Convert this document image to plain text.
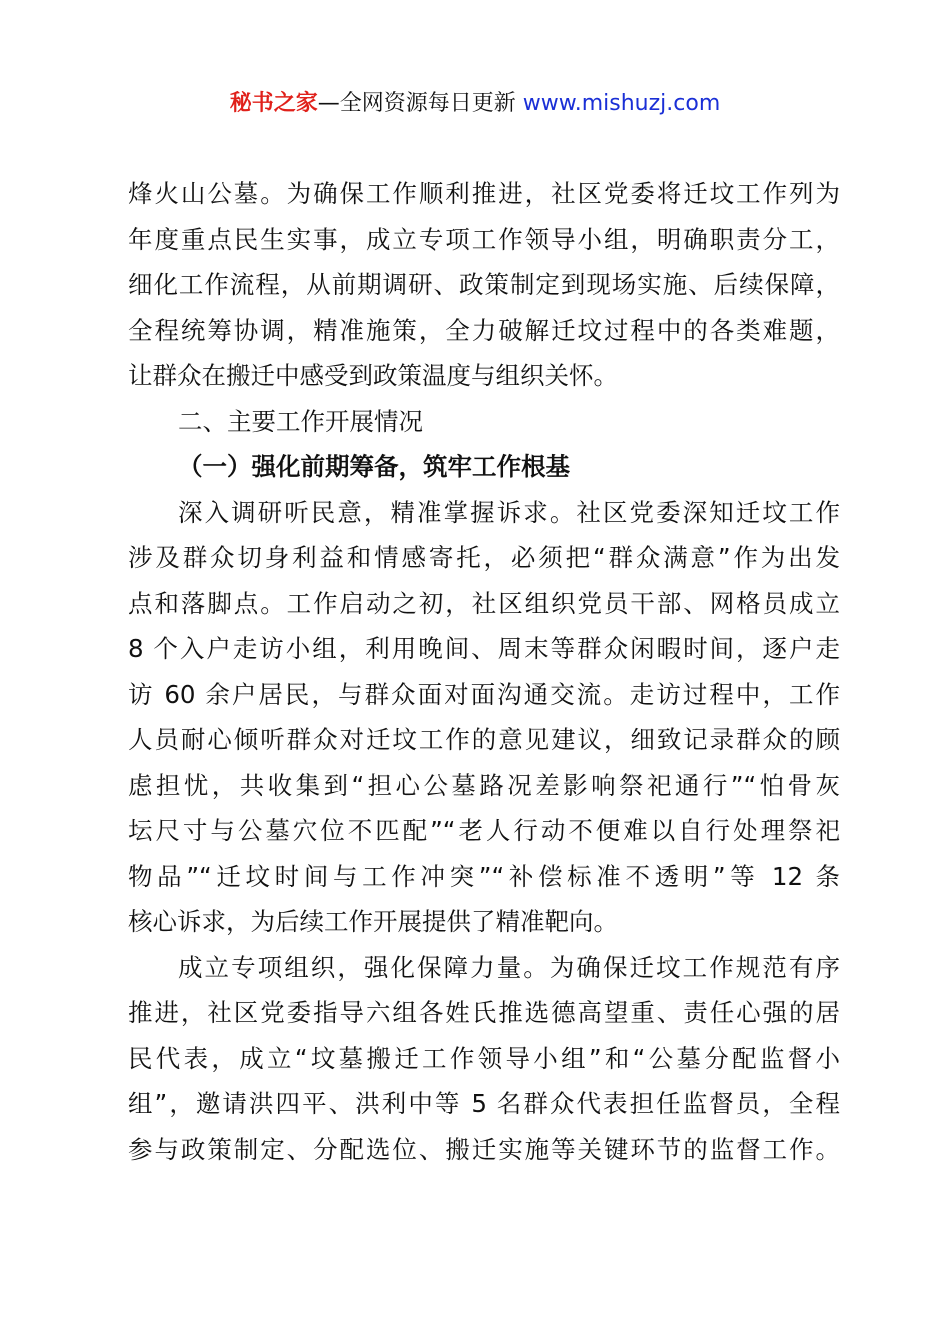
秘书之家—全网资源每日更新 www.mishuzj.com
烽火山公墓。为确保工作顺利推进，社区党委将迁坟工作列为
年度重点民生实事，成立专项工作领导小组，明确职责分工，
细化工作流程，从前期调研、政策制定到现场实施、后续保障，
全程统筹协调，精准施策，全力破解迁坟过程中的各类难题，
让群众在搬迁中感受到政策温度与组织关怀。
二、主要工作开展情况
（一）强化前期筹备，筑牢工作根基
深入调研听民意，精准掌握诉求。社区党委深知迁坟工作
涉及群众切身利益和情感寄托，必须把“群众满意”作为出发
点和落脚点。工作启动之初，社区组织党员干部、网格员成立
8 个入户走访小组，利用晚间、周末等群众闲暇时间，逐户走
访 60 余户居民，与群众面对面沟通交流。走访过程中，工作
人员耐心倾听群众对迁坟工作的意见建议，细致记录群众的顾
虑担忧，共收集到“担心公墓路况差影响祭祀通行”“怕骨灰
坛尺寸与公墓穴位不匹配”“老人行动不便难以自行处理祭祀
物品”“迁坟时间与工作冲突”“补偿标准不透明”等 12 条
核心诉求，为后续工作开展提供了精准靶向。
成立专项组织，强化保障力量。为确保迁坟工作规范有序
推进，社区党委指导六组各姓氏推选德高望重、责任心强的居
民代表，成立“坟墓搬迁工作领导小组”和“公墓分配监督小
组”，邀请洪四平、洪利中等 5 名群众代表担任监督员，全程
参与政策制定、分配选位、搬迁实施等关键环节的监督工作。
